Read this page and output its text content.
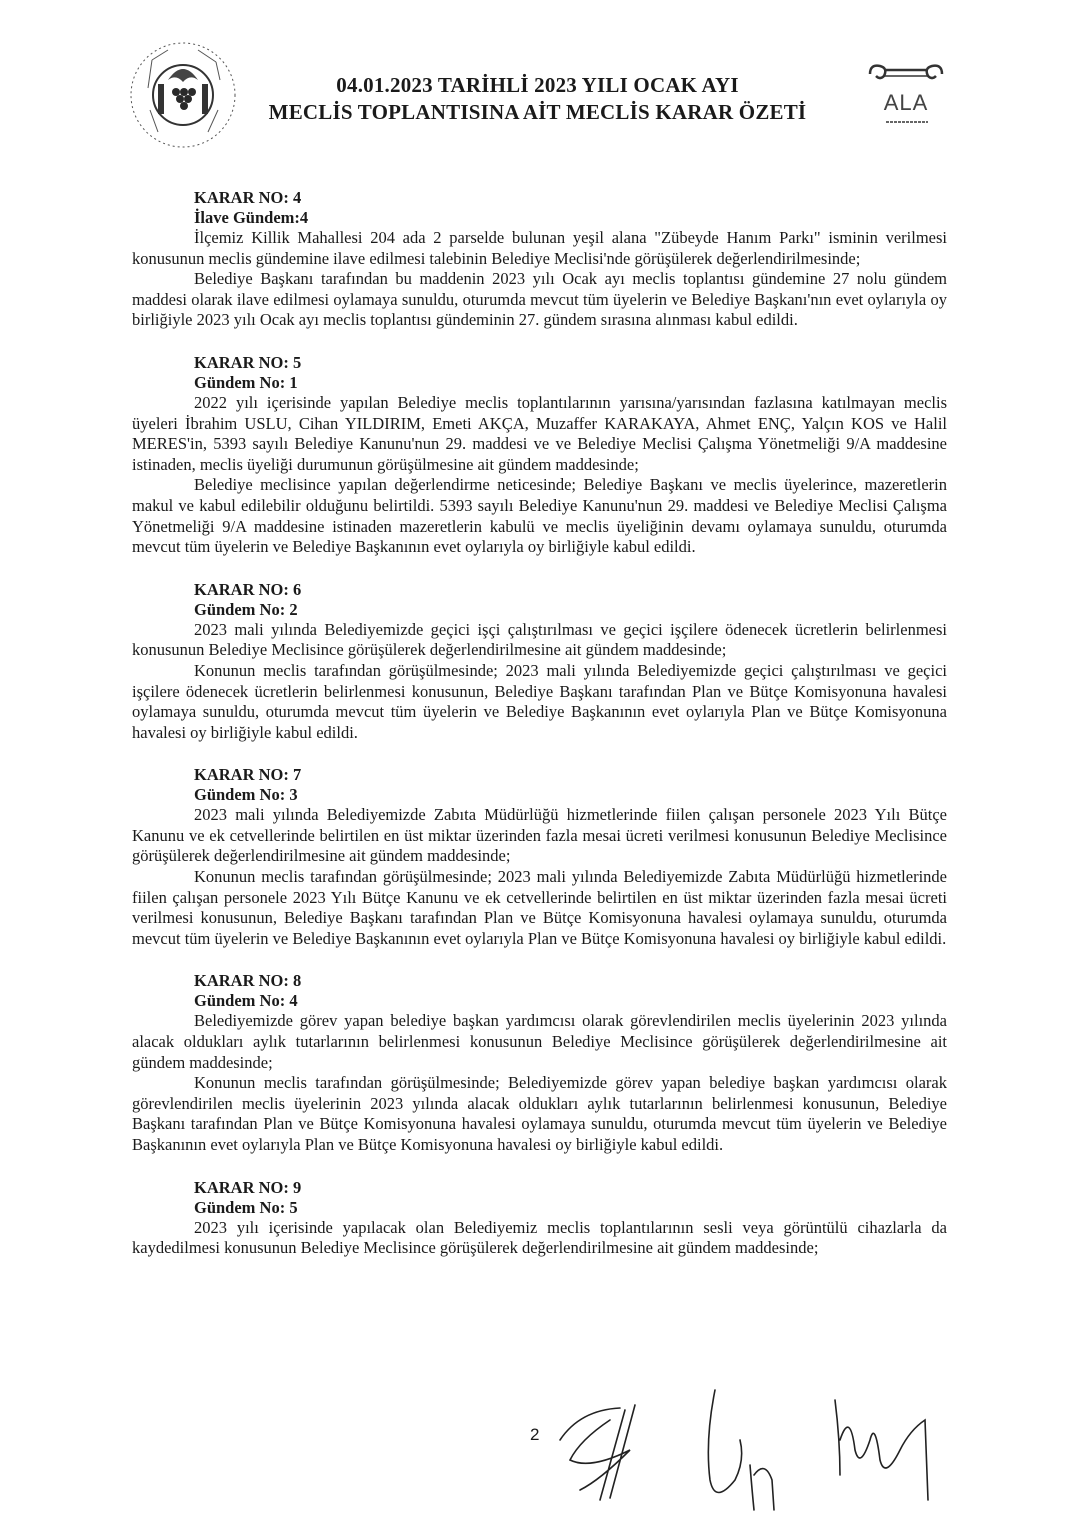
04.01.2023 TARİHLİ 2023 YILI OCAK AYI
MECLİS TOPLANTISINA AİT MECLİS KARAR ÖZETİ	ALA
KARAR NO: 4
İlave Gündem:4

İlçemiz Killik Mahallesi 204 ada 2 parselde bulunan yeşil alana "Zübeyde Hanım Parkı" isminin verilmesi konusunun meclis gündemine ilave edilmesi talebinin Belediye Meclisi'nde görüşülerek değerlendirilmesinde;

Belediye Başkanı tarafından bu maddenin 2023 yılı Ocak ayı meclis toplantısı gündemine 27 nolu gündem maddesi olarak ilave edilmesi oylamaya sunuldu, oturumda mevcut tüm üyelerin ve Belediye Başkanı'nın evet oylarıyla oy birliğiyle 2023 yılı Ocak ayı meclis toplantısı gündeminin 27. gündem sırasına alınması kabul edildi.

KARAR NO: 5
Gündem No: 1

2022 yılı içerisinde yapılan Belediye meclis toplantılarının yarısına/yarısından fazlasına katılmayan meclis üyeleri İbrahim USLU, Cihan YILDIRIM, Emeti AKÇA, Muzaffer KARAKAYA, Ahmet ENÇ, Yalçın KOS ve Halil MERES'in, 5393 sayılı Belediye Kanunu'nun 29. maddesi ve ve Belediye Meclisi Çalışma Yönetmeliği 9/A maddesine istinaden, meclis üyeliği durumunun görüşülmesine ait gündem maddesinde;

Belediye meclisince yapılan değerlendirme neticesinde; Belediye Başkanı ve meclis üyelerince, mazeretlerin makul ve kabul edilebilir olduğunu belirtildi. 5393 sayılı Belediye Kanunu'nun 29. maddesi ve Belediye Meclisi Çalışma Yönetmeliği 9/A maddesine istinaden mazeretlerin kabulü ve meclis üyeliğinin devamı oylamaya sunuldu, oturumda mevcut tüm üyelerin ve Belediye Başkanının evet oylarıyla oy birliğiyle kabul edildi.

KARAR NO: 6
Gündem No: 2

2023 mali yılında Belediyemizde geçici işçi çalıştırılması ve geçici işçilere ödenecek ücretlerin belirlenmesi konusunun Belediye Meclisince görüşülerek değerlendirilmesine ait gündem maddesinde;

Konunun meclis tarafından görüşülmesinde; 2023 mali yılında Belediyemizde geçici çalıştırılması ve geçici işçilere ödenecek ücretlerin belirlenmesi konusunun, Belediye Başkanı tarafından Plan ve Bütçe Komisyonuna havalesi oylamaya sunuldu, oturumda mevcut tüm üyelerin ve Belediye Başkanının evet oylarıyla Plan ve Bütçe Komisyonuna havalesi oy birliğiyle kabul edildi.

KARAR NO: 7
Gündem No: 3

2023 mali yılında Belediyemizde Zabıta Müdürlüğü hizmetlerinde fiilen çalışan personele 2023 Yılı Bütçe Kanunu ve ek cetvellerinde belirtilen en üst miktar üzerinden fazla mesai ücreti verilmesi konusunun Belediye Meclisince görüşülerek değerlendirilmesine ait gündem maddesinde;

Konunun meclis tarafından görüşülmesinde; 2023 mali yılında Belediyemizde Zabıta Müdürlüğü hizmetlerinde fiilen çalışan personele 2023 Yılı Bütçe Kanunu ve ek cetvellerinde belirtilen en üst miktar üzerinden fazla mesai ücreti verilmesi konusunun, Belediye Başkanı tarafından Plan ve Bütçe Komisyonuna havalesi oylamaya sunuldu, oturumda mevcut tüm üyelerin ve Belediye Başkanının evet oylarıyla Plan ve Bütçe Komisyonuna havalesi oy birliğiyle kabul edildi.

KARAR NO: 8
Gündem No: 4

Belediyemizde görev yapan belediye başkan yardımcısı olarak görevlendirilen meclis üyelerinin 2023 yılında alacak oldukları aylık tutarlarının belirlenmesi konusunun Belediye Meclisince görüşülerek değerlendirilmesine ait gündem maddesinde;

Konunun meclis tarafından görüşülmesinde; Belediyemizde görev yapan belediye başkan yardımcısı olarak görevlendirilen meclis üyelerinin 2023 yılında alacak oldukları aylık tutarlarının belirlenmesi konusunun, Belediye Başkanı tarafından Plan ve Bütçe Komisyonuna havalesi oylamaya sunuldu, oturumda mevcut tüm üyelerin ve Belediye Başkanının evet oylarıyla Plan ve Bütçe Komisyonuna havalesi oy birliğiyle kabul edildi.

KARAR NO: 9
Gündem No: 5

2023 yılı içerisinde yapılacak olan Belediyemiz meclis toplantılarının sesli veya görüntülü cihazlarla da kaydedilmesi konusunun Belediye Meclisince görüşülerek değerlendirilmesine ait gündem maddesinde;

2
